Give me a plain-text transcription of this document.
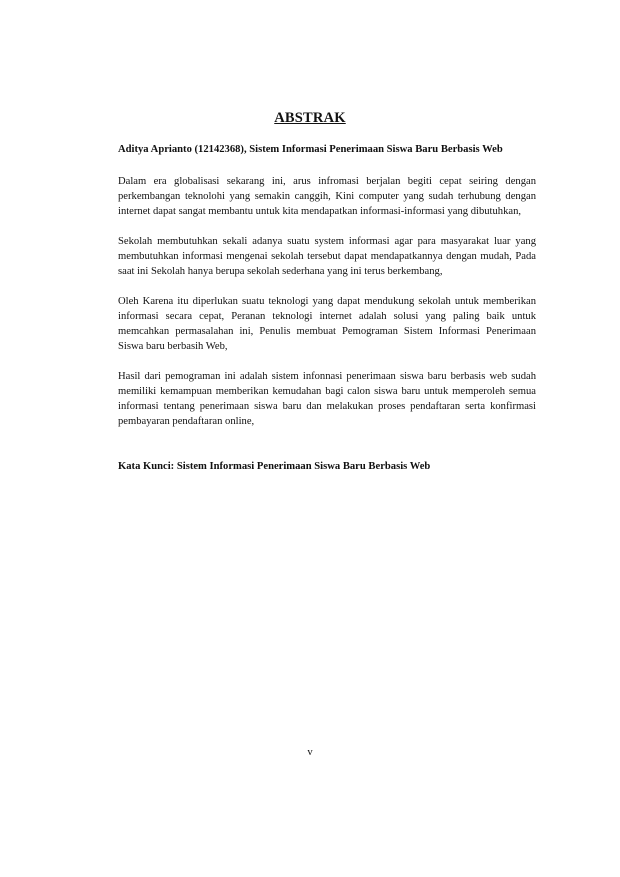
ABSTRAK

Aditya Aprianto (12142368), Sistem Informasi Penerimaan Siswa Baru Berbasis Web

Dalam era globalisasi sekarang ini, arus infromasi berjalan begiti cepat seiring dengan perkembangan teknolohi yang semakin canggih, Kini computer yang sudah terhubung dengan internet dapat sangat membantu untuk kita mendapatkan informasi-informasi yang dibutuhkan,

Sekolah membutuhkan sekali adanya suatu system informasi agar para masyarakat luar yang membutuhkan informasi mengenai sekolah tersebut dapat mendapatkannya dengan mudah, Pada saat ini Sekolah hanya berupa sekolah sederhana yang ini terus berkembang,

Oleh Karena itu diperlukan suatu teknologi yang dapat mendukung sekolah untuk memberikan informasi secara cepat, Peranan teknologi internet adalah solusi yang paling baik untuk memcahkan permasalahan ini, Penulis membuat Pemograman Sistem Informasi Penerimaan Siswa baru berbasih Web,

Hasil dari pemograman ini adalah sistem infonnasi penerimaan siswa baru berbasis web sudah memiliki kemampuan memberikan kemudahan bagi calon siswa baru untuk memperoleh semua informasi tentang penerimaan siswa baru dan melakukan proses pendaftaran serta konfirmasi pembayaran pendaftaran online,

Kata Kunci: Sistem Informasi Penerimaan Siswa Baru Berbasis Web

v
